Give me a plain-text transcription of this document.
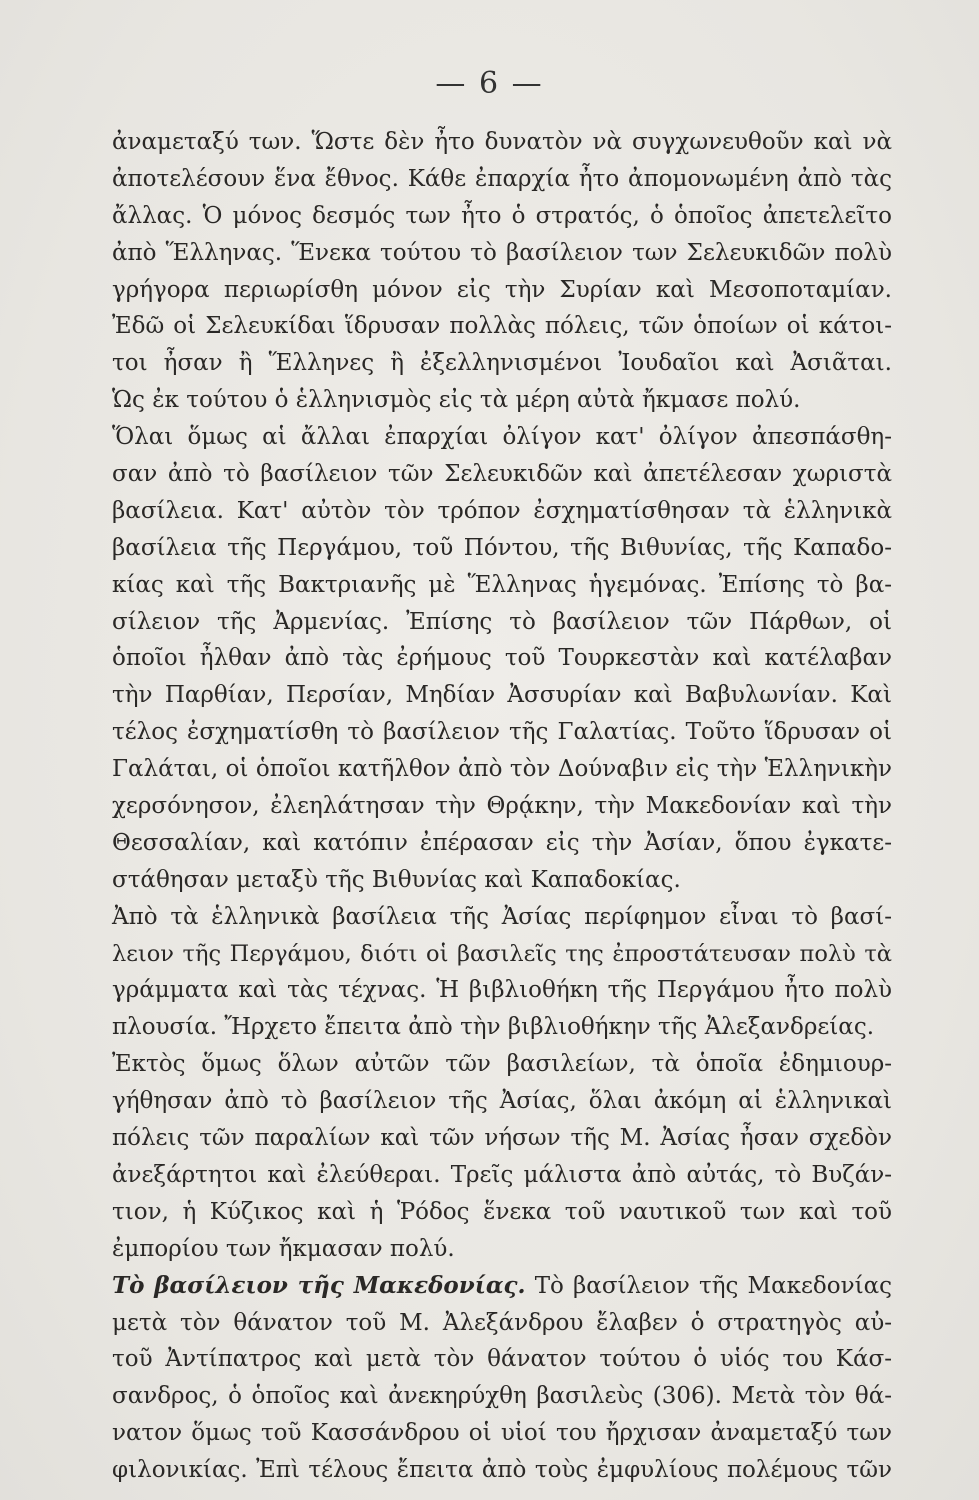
— 6 —
ἀναμεταξύ των. Ὥστε δὲν ἦτο δυνατὸν νὰ συγχωνευθοῦν καὶ νὰ
ἀποτελέσουν ἕνα ἔθνος. Κάθε ἐπαρχία ἦτο ἀπομονωμένη ἀπὸ τὰς
ἄλλας. Ὁ μόνος δεσμός των ἦτο ὁ στρατός, ὁ ὁποῖος ἀπετελεῖτο
ἀπὸ Ἕλληνας. Ἕνεκα τούτου τὸ βασίλειον των Σελευκιδῶν πολὺ
γρήγορα περιωρίσθη μόνον εἰς τὴν Συρίαν καὶ Μεσοποταμίαν.
Ἐδῶ οἱ Σελευκίδαι ἵδρυσαν πολλὰς πόλεις, τῶν ὁποίων οἱ κάτοι-
τοι ἦσαν ἢ Ἕλληνες ἢ ἐξελληνισμένοι Ἰουδαῖοι καὶ Ἀσιᾶται.
Ὡς ἐκ τούτου ὁ ἑλληνισμὸς εἰς τὰ μέρη αὐτὰ ἤκμασε πολύ.
Ὅλαι ὅμως αἱ ἄλλαι ἐπαρχίαι ὀλίγον κατ' ὀλίγον ἀπεσπάσθη-
σαν ἀπὸ τὸ βασίλειον τῶν Σελευκιδῶν καὶ ἀπετέλεσαν χωριστὰ
βασίλεια. Κατ' αὐτὸν τὸν τρόπον ἐσχηματίσθησαν τὰ ἑλληνικὰ
βασίλεια τῆς Περγάμου, τοῦ Πόντου, τῆς Βιθυνίας, τῆς Καπαδο-
κίας καὶ τῆς Βακτριανῆς μὲ Ἕλληνας ἡγεμόνας. Ἐπίσης τὸ βα-
σίλειον τῆς Ἀρμενίας. Ἐπίσης τὸ βασίλειον τῶν Πάρθων, οἱ
ὁποῖοι ἦλθαν ἀπὸ τὰς ἐρήμους τοῦ Τουρκεστὰν καὶ κατέλαβαν
τὴν Παρθίαν, Περσίαν, Μηδίαν Ἀσσυρίαν καὶ Βαβυλωνίαν. Καὶ
τέλος ἐσχηματίσθη τὸ βασίλειον τῆς Γαλατίας. Τοῦτο ἵδρυσαν οἱ
Γαλάται, οἱ ὁποῖοι κατῆλθον ἀπὸ τὸν Δούναβιν εἰς τὴν Ἑλληνικὴν
χερσόνησον, ἐλεηλάτησαν τὴν Θρᾴκην, τὴν Μακεδονίαν καὶ τὴν
Θεσσαλίαν, καὶ κατόπιν ἐπέρασαν εἰς τὴν Ἀσίαν, ὅπου ἐγκατε-
στάθησαν μεταξὺ τῆς Βιθυνίας καὶ Καπαδοκίας.
Ἀπὸ τὰ ἑλληνικὰ βασίλεια τῆς Ἀσίας περίφημον εἶναι τὸ βασί-
λειον τῆς Περγάμου, διότι οἱ βασιλεῖς της ἐπροστάτευσαν πολὺ τὰ
γράμματα καὶ τὰς τέχνας. Ἡ βιβλιοθήκη τῆς Περγάμου ἦτο πολὺ
πλουσία. Ἤρχετο ἔπειτα ἀπὸ τὴν βιβλιοθήκην τῆς Ἀλεξανδρείας.
Ἐκτὸς ὅμως ὅλων αὐτῶν τῶν βασιλείων, τὰ ὁποῖα ἐδημιουρ-
γήθησαν ἀπὸ τὸ βασίλειον τῆς Ἀσίας, ὅλαι ἀκόμη αἱ ἑλληνικαὶ
πόλεις τῶν παραλίων καὶ τῶν νήσων τῆς Μ. Ἀσίας ἦσαν σχεδὸν
ἀνεξάρτητοι καὶ ἐλεύθεραι. Τρεῖς μάλιστα ἀπὸ αὐτάς, τὸ Βυζάν-
τιον, ἡ Κύζικος καὶ ἡ Ῥόδος ἕνεκα τοῦ ναυτικοῦ των καὶ τοῦ
ἐμπορίου των ἤκμασαν πολύ.
Τὸ βασίλειον τῆς Μακεδονίας. Τὸ βασίλειον τῆς Μακεδονίας
μετὰ τὸν θάνατον τοῦ Μ. Ἀλεξάνδρου ἔλαβεν ὁ στρατηγὸς αὐ-
τοῦ Ἀντίπατρος καὶ μετὰ τὸν θάνατον τούτου ὁ υἱός του Κάσ-
σανδρος, ὁ ὁποῖος καὶ ἀνεκηρύχθη βασιλεὺς (306). Μετὰ τὸν θά-
νατον ὅμως τοῦ Κασσάνδρου οἱ υἱοί του ἤρχισαν ἀναμεταξύ των
φιλονικίας. Ἐπὶ τέλους ἔπειτα ἀπὸ τοὺς ἐμφυλίους πολέμους τῶν
